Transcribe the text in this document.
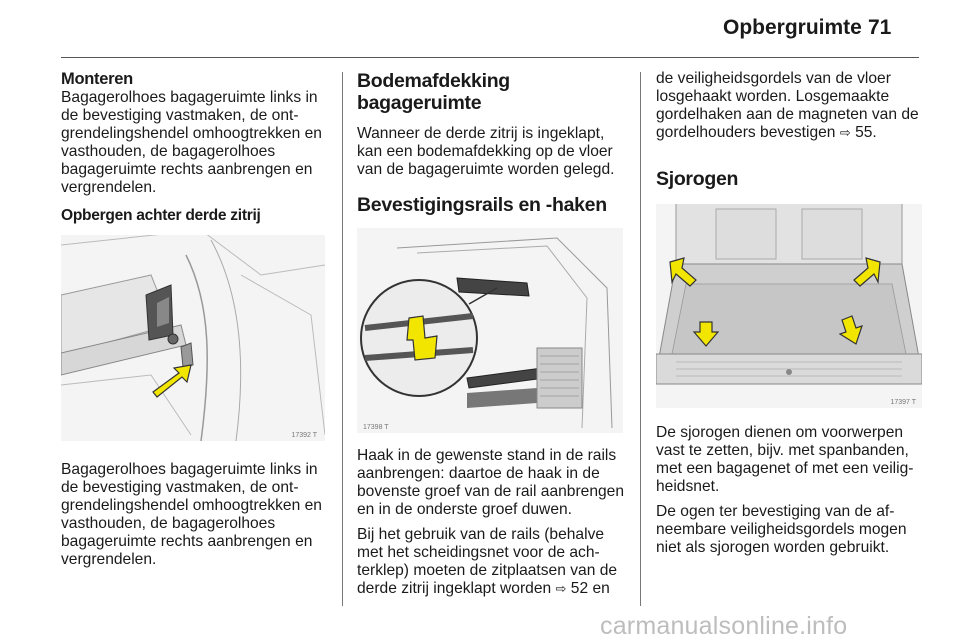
Opbergruimte 71
Monteren

Bagagerolhoes bagageruimte links in de bevestiging vastmaken, de ontgrendelingshendel omhoogtrekken en vasthouden, de bagagerolhoes bagageruimte rechts aanbrengen en vergrendelen.

Opbergen achter derde zitrij
17392 T

Bagagerolhoes bagageruimte links in de bevestiging vastmaken, de ontgrendelingshendel omhoogtrekken en vasthouden, de bagagerolhoes bagageruimte rechts aanbrengen en vergrendelen.

Bodemafdekking bagageruimte

Wanneer de derde zitrij is ingeklapt, kan een bodemafdekking op de vloer van de bagageruimte worden gelegd.

Bevestigingsrails en -haken
17398 T

Haak in de gewenste stand in de rails aanbrengen: daartoe de haak in de bovenste groef van de rail aanbrengen en in de onderste groef duwen.

Bij het gebruik van de rails (behalve met het scheidingsnet voor de achterklep) moeten de zitplaatsen van de derde zitrij ingeklapt worden ⇨ 52 en

de veiligheidsgordels van de vloer losgehaakt worden. Losgemaakte gordelhaken aan de magneten van de gordelhouders bevestigen ⇨ 55.

Sjorogen
17397 T

De sjorogen dienen om voorwerpen vast te zetten, bijv. met spanbanden, met een bagagenet of met een veiligheidsnet.

De ogen ter bevestiging van de afneembare veiligheidsgordels mogen niet als sjorogen worden gebruikt.

carmanualsonline.info
